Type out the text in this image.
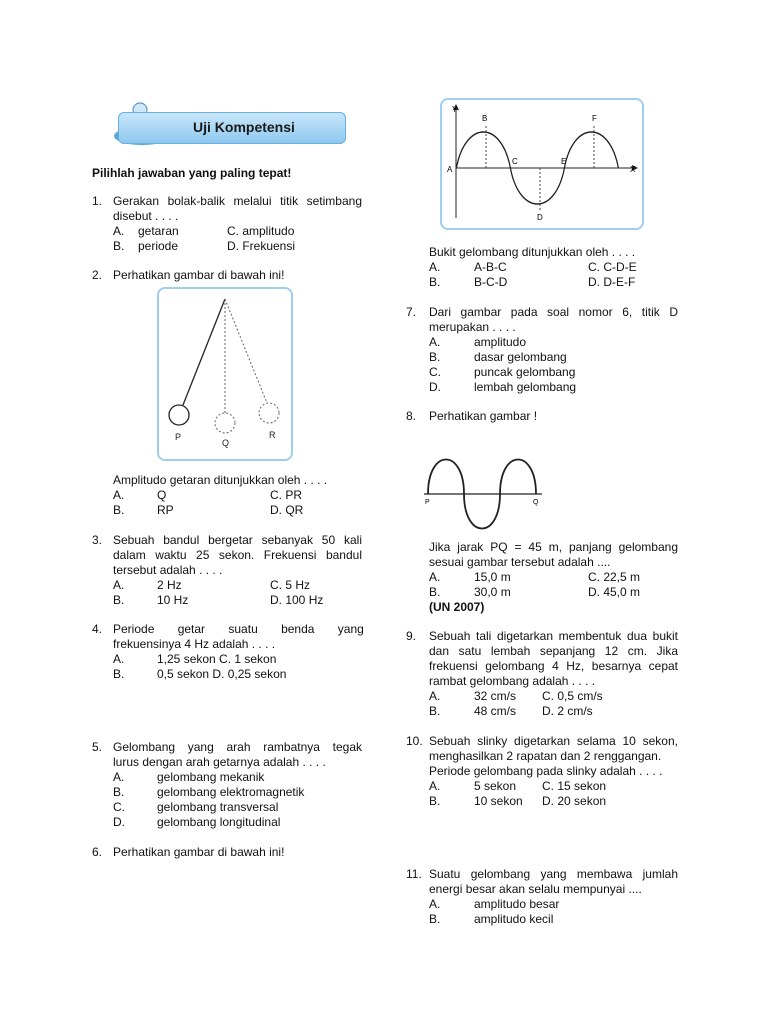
Uji Kompetensi
Pilihlah jawaban yang paling tepat!
1. Gerakan bolak-balik melalui titik setimbang
disebut . . . .
A. getaran	C. amplitudo
B. periode	D. Frekuensi
2. Perhatikan gambar di bawah ini!
P
Q
R
Amplitudo getaran ditunjukkan oleh . . . .
A.	Q	C. PR
B.	RP	D. QR
3. Sebuah bandul bergetar sebanyak 50 kali
dalam waktu 25 sekon. Frekuensi bandul
tersebut adalah . . . .
A.	2 Hz	C. 5 Hz
B.	10 Hz	D. 100 Hz
4. Periode getar suatu benda yang
frekuensinya 4 Hz adalah . . . .
A.	1,25 sekon C. 1 sekon
B.	0,5 sekon D. 0,25 sekon
5. Gelombang yang arah rambatnya tegak
lurus dengan arah getarnya adalah . . . .
A.	gelombang mekanik
B.	gelombang elektromagnetik
C.	gelombang transversal
D.	gelombang longitudinal
6. Perhatikan gambar di bawah ini!
Y
X
A
B
C
D
E
F
Bukit gelombang ditunjukkan oleh . . . .
A.	A-B-C	C. C-D-E
B.	B-C-D	D. D-E-F
7. Dari gambar pada soal nomor 6, titik D
merupakan . . . .
A.	amplitudo
B.	dasar gelombang
C.	puncak gelombang
D.	lembah gelombang
8. Perhatikan gambar !
P	Q
Jika jarak PQ = 45 m, panjang gelombang
sesuai gambar tersebut adalah ....
A.	15,0 m	C. 22,5 m
B.	30,0 m	D. 45,0 m
(UN 2007)
9. Sebuah tali digetarkan membentuk dua bukit
dan satu lembah sepanjang 12 cm. Jika
frekuensi gelombang 4 Hz, besarnya cepat
rambat gelombang adalah . . . .
A.	32 cm/s C. 0,5 cm/s
B.	48 cm/s D. 2 cm/s
10. Sebuah slinky digetarkan selama 10 sekon,
menghasilkan 2 rapatan dan 2 renggangan.
Periode gelombang pada slinky adalah . . . .
A.	5 sekon C. 15 sekon
B.	10 sekon D. 20 sekon
11. Suatu gelombang yang membawa jumlah
energi besar akan selalu mempunyai ....
A.	amplitudo besar
B.	amplitudo kecil
